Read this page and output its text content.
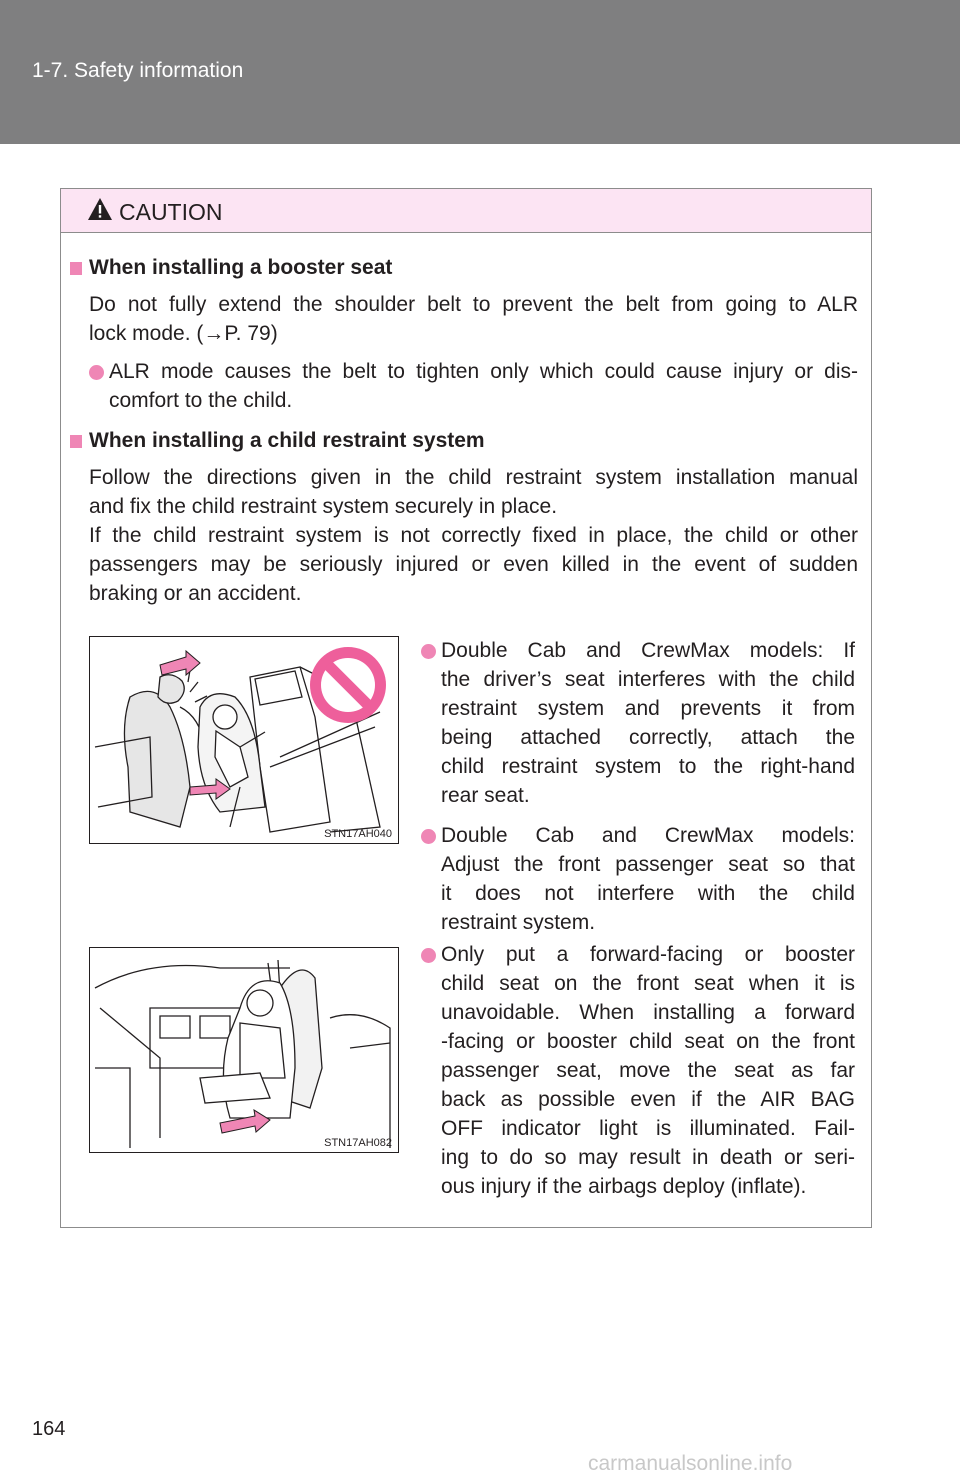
1-7. Safety information
CAUTION
When installing a booster seat
Do not fully extend the shoulder belt to prevent the belt from going to ALR
lock mode. (→P. 79)
ALR mode causes the belt to tighten only which could cause injury or dis-
comfort to the child.
When installing a child restraint system
Follow the directions given in the child restraint system installation manual
and fix the child restraint system securely in place.
If the child restraint system is not correctly fixed in place, the child or other
passengers may be seriously injured or even killed in the event of sudden
braking or an accident.
STN17AH040
STN17AH082
Double Cab and CrewMax models: If
the driver’s seat interferes with the child
restraint system and prevents it from
being attached correctly, attach the
child restraint system to the right-hand
rear seat.
Double Cab and CrewMax models:
Adjust the front passenger seat so that
it does not interfere with the child
restraint system.
Only put a forward-facing or booster
child seat on the front seat when it is
unavoidable. When installing a forward
-facing or booster child seat on the front
passenger seat, move the seat as far
back as possible even if the AIR BAG
OFF indicator light is illuminated. Fail-
ing to do so may result in death or seri-
ous injury if the airbags deploy (inflate).
164
carmanualsonline.info
